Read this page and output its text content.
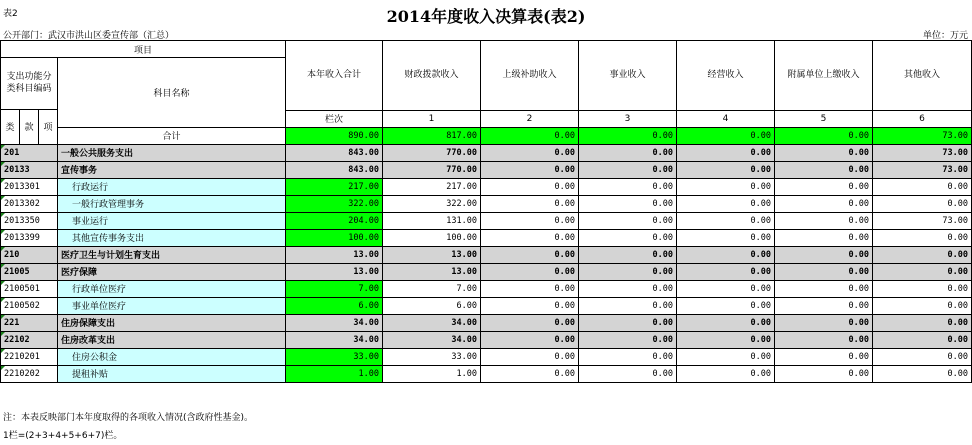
表2	2014年度收入决算表(表2)
公开部门：武汉市洪山区委宣传部（汇总）	单位：万元
项目				本年收入合计	财政拨款收入	上级补助收入	事业收入	经营收入	附属单位上缴收入	其他收入	
支出功能分类科目编码			科目名称								
类	款	项									
				栏次	1	2	3	4	5	6	
			合计	890.00	817.00	0.00	0.00	0.00	0.00	73.00	
201			一般公共服务支出	843.00	770.00	0.00	0.00	0.00	0.00	73.00	
20133			宣传事务	843.00	770.00	0.00	0.00	0.00	0.00	73.00	
2013301			行政运行	217.00	217.00	0.00	0.00	0.00	0.00	0.00	
2013302			一般行政管理事务	322.00	322.00	0.00	0.00	0.00	0.00	0.00	
2013350			事业运行	204.00	131.00	0.00	0.00	0.00	0.00	73.00	
2013399			其他宣传事务支出	100.00	100.00	0.00	0.00	0.00	0.00	0.00	
210			医疗卫生与计划生育支出	13.00	13.00	0.00	0.00	0.00	0.00	0.00	
21005			医疗保障	13.00	13.00	0.00	0.00	0.00	0.00	0.00	
2100501			行政单位医疗	7.00	7.00	0.00	0.00	0.00	0.00	0.00	
2100502			事业单位医疗	6.00	6.00	0.00	0.00	0.00	0.00	0.00	
221			住房保障支出	34.00	34.00	0.00	0.00	0.00	0.00	0.00	
22102			住房改革支出	34.00	34.00	0.00	0.00	0.00	0.00	0.00	
2210201			住房公积金	33.00	33.00	0.00	0.00	0.00	0.00	0.00	
2210202			提租补贴	1.00	1.00	0.00	0.00	0.00	0.00	0.00	
注：本表反映部门本年度取得的各项收入情况(含政府性基金)。
1栏=(2+3+4+5+6+7)栏。
